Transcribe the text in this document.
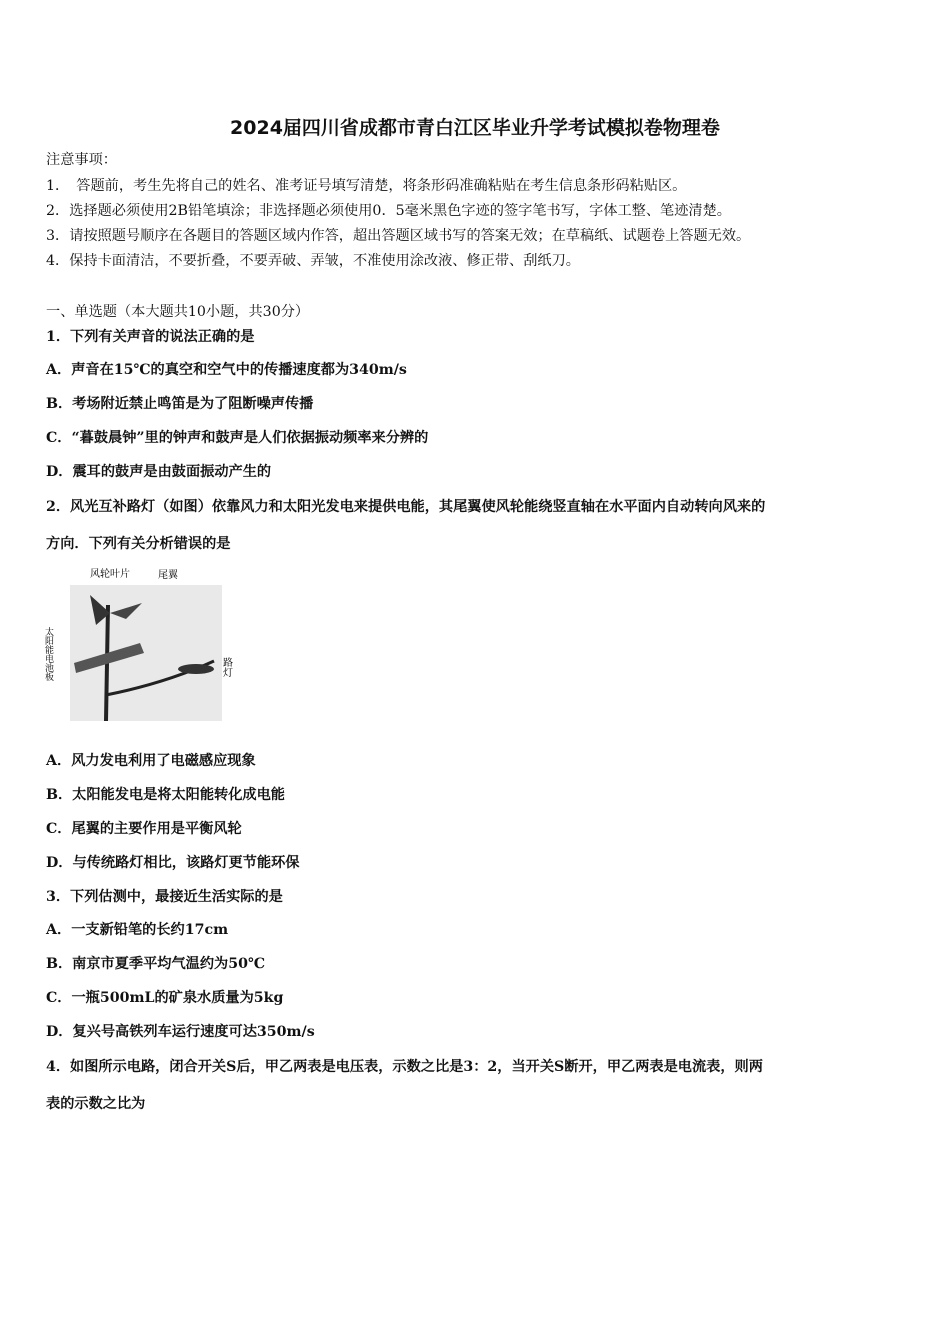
2024届四川省成都市青白江区毕业升学考试模拟卷物理卷
注意事项：
1．　答题前，考生先将自己的姓名、准考证号填写清楚，将条形码准确粘贴在考生信息条形码粘贴区。
2．选择题必须使用2B铅笔填涂；非选择题必须使用0．5毫米黑色字迹的签字笔书写，字体工整、笔迹清楚。
3．请按照题号顺序在各题目的答题区域内作答，超出答题区域书写的答案无效；在草稿纸、试题卷上答题无效。
4．保持卡面清洁，不要折叠，不要弄破、弄皱，不准使用涂改液、修正带、刮纸刀。
一、单选题（本大题共10小题，共30分）
1．下列有关声音的说法正确的是
A．声音在15℃的真空和空气中的传播速度都为340m/s
B．考场附近禁止鸣笛是为了阻断噪声传播
C．“暮鼓晨钟”里的钟声和鼓声是人们依据振动频率来分辨的
D．震耳的鼓声是由鼓面振动产生的
2．风光互补路灯（如图）依靠风力和太阳光发电来提供电能，其尾翼使风轮能绕竖直轴在水平面内自动转向风来的
方向．下列有关分析错误的是
风轮叶片	尾翼
太阳能电池板	路灯
A．风力发电利用了电磁感应现象
B．太阳能发电是将太阳能转化成电能
C．尾翼的主要作用是平衡风轮
D．与传统路灯相比，该路灯更节能环保
3．下列估测中，最接近生活实际的是
A．一支新铅笔的长约17cm
B．南京市夏季平均气温约为50℃
C．一瓶500mL的矿泉水质量为5kg
D．复兴号高铁列车运行速度可达350m/s
4．如图所示电路，闭合开关S后，甲乙两表是电压表，示数之比是3：2，当开关S断开，甲乙两表是电流表，则两
表的示数之比为
